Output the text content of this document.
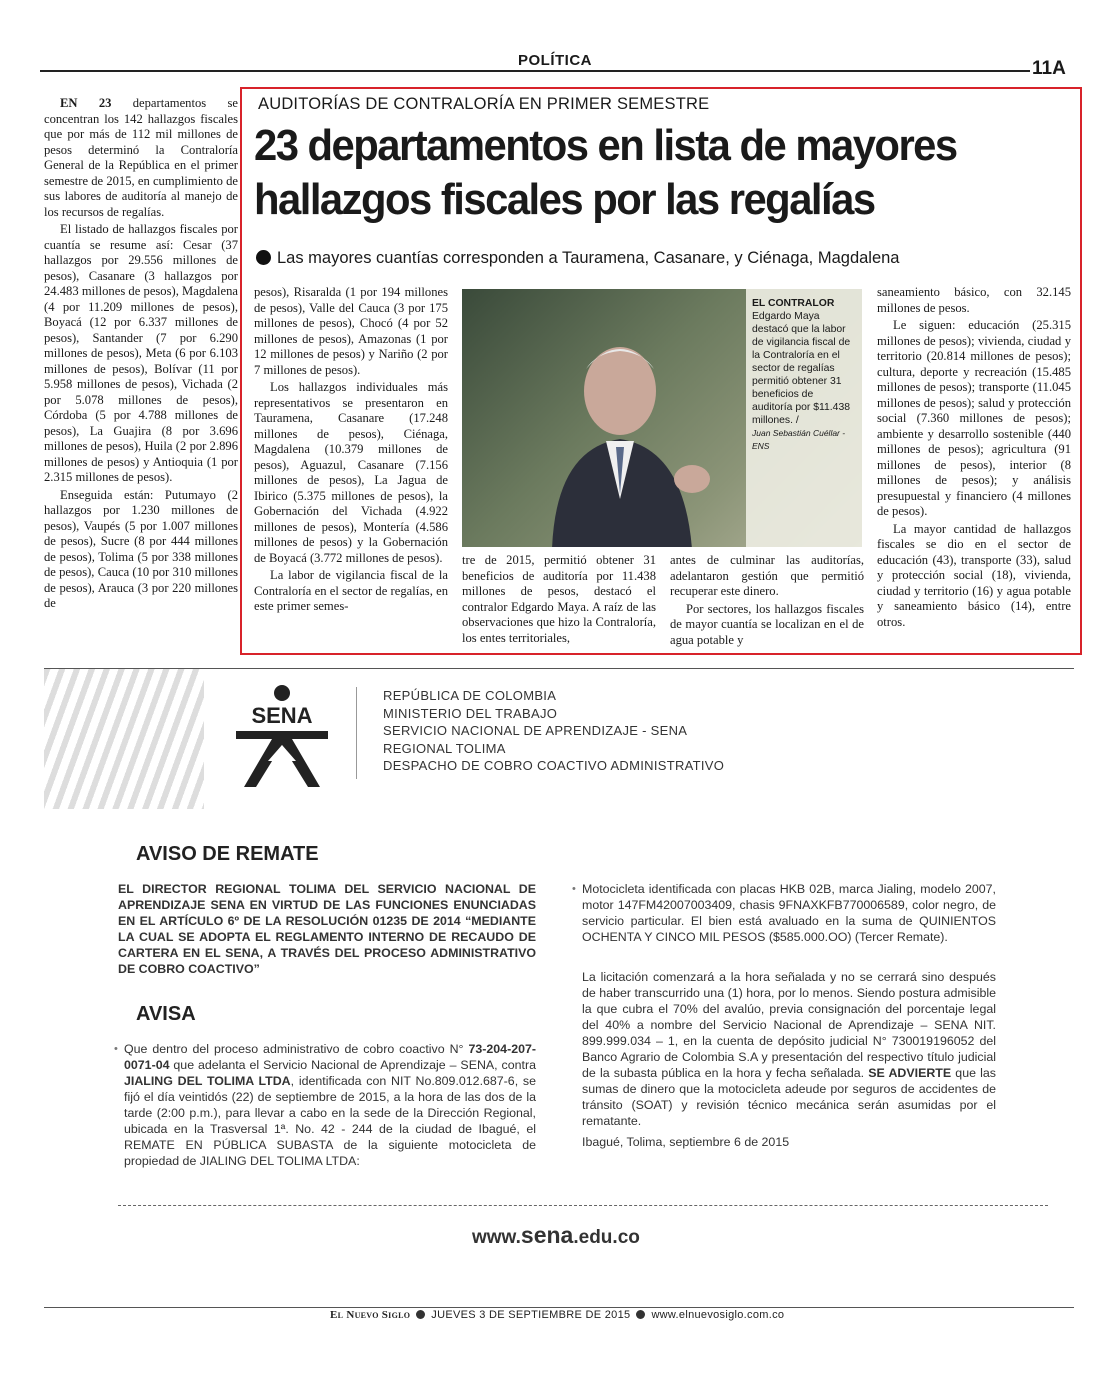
POLÍTICA	11A

EN 23 departamentos se concentran los 142 hallazgos fiscales que por más de 112 mil millones de pesos determinó la Contraloría General de la República en el primer semestre de 2015, en cumplimiento de sus labores de auditoría al manejo de los recursos de regalías.

El listado de hallazgos fiscales por cuantía se resume así: Cesar (37 hallazgos por 29.556 millones de pesos), Casanare (3 hallazgos por 24.483 millones de pesos), Magdalena (4 por 11.209 millones de pesos), Boyacá (12 por 6.337 millones de pesos), Santander (7 por 6.290 millones de pesos), Meta (6 por 6.103 millones de pesos), Bolívar (11 por 5.958 millones de pesos), Vichada (2 por 5.078 millones de pesos), Córdoba (5 por 4.788 millones de pesos), La Guajira (8 por 3.696 millones de pesos), Huila (2 por 2.896 millones de pesos) y Antioquia (1 por 2.315 millones de pesos).

Enseguida están: Putumayo (2 hallazgos por 1.230 millones de pesos), Vaupés (5 por 1.007 millones de pesos), Sucre (8 por 444 millones de pesos), Tolima (5 por 338 millones de pesos), Cauca (10 por 310 millones de pesos), Arauca (3 por 220 millones de

AUDITORÍAS DE CONTRALORÍA EN PRIMER SEMESTRE
23 departamentos en lista de mayores
hallazgos fiscales por las regalías
Las mayores cuantías corresponden a Tauramena, Casanare, y Ciénaga, Magdalena

pesos), Risaralda (1 por 194 millones de pesos), Valle del Cauca (3 por 175 millones de pesos), Chocó (4 por 52 millones de pesos), Amazonas (1 por 12 millones de pesos) y Nariño (2 por 7 millones de pesos).

Los hallazgos individuales más representativos se presentaron en Tauramena, Casanare (17.248 millones de pesos), Ciénaga, Magdalena (10.379 millones de pesos), Aguazul, Casanare (7.156 millones de pesos), La Jagua de Ibirico (5.375 millones de pesos), la Gobernación del Vichada (4.922 millones de pesos), Montería (4.586 millones de pesos) y la Gobernación de Boyacá (3.772 millones de pesos).

La labor de vigilancia fiscal de la Contraloría en el sector de regalías, en este primer semes-

EL CONTRALOR
Edgardo Maya destacó que la labor de vigilancia fiscal de la Contraloría en el sector de regalías permitió obtener 31 beneficios de auditoría por $11.438 millones. /
Juan Sebastián Cuéllar - ENS

tre de 2015, permitió obtener 31 beneficios de auditoría por 11.438 millones de pesos, destacó el contralor Edgardo Maya. A raíz de las observaciones que hizo la Contraloría, los entes territoriales,

antes de culminar las auditorías, adelantaron gestión que permitió recuperar este dinero.

Por sectores, los hallazgos fiscales de mayor cuantía se localizan en el de agua potable y

saneamiento básico, con 32.145 millones de pesos.

Le siguen: educación (25.315 millones de pesos); vivienda, ciudad y territorio (20.814 millones de pesos); cultura, deporte y recreación (15.485 millones de pesos); transporte (11.045 millones de pesos); salud y protección social (7.360 millones de pesos); ambiente y desarrollo sostenible (440 millones de pesos); agricultura (91 millones de pesos), interior (8 millones de pesos); y análisis presupuestal y financiero (4 millones de pesos).

La mayor cantidad de hallazgos fiscales se dio en el sector de educación (43), transporte (33), salud y protección social (18), vivienda, ciudad y territorio (16) y agua potable y saneamiento básico (14), entre otros.

SENA
REPÚBLICA DE COLOMBIA
MINISTERIO DEL TRABAJO
SERVICIO NACIONAL DE APRENDIZAJE - SENA
REGIONAL TOLIMA
DESPACHO DE COBRO COACTIVO ADMINISTRATIVO
AVISO DE REMATE
EL DIRECTOR REGIONAL TOLIMA DEL SERVICIO NACIONAL DE APRENDIZAJE SENA EN VIRTUD DE LAS FUNCIONES ENUNCIADAS EN EL ARTÍCULO 6º DE LA RESOLUCIÓN 01235 DE 2014 “MEDIANTE LA CUAL SE ADOPTA EL REGLAMENTO INTERNO DE RECAUDO DE CARTERA EN EL SENA, A TRAVÉS DEL PROCESO ADMINISTRATIVO DE COBRO COACTIVO”
AVISA
• Que dentro del proceso administrativo de cobro coactivo N° 73-204-207-0071-04 que adelanta el Servicio Nacional de Aprendizaje – SENA, contra JIALING DEL TOLIMA LTDA, identificada con NIT No.809.012.687-6, se fijó el día veintidós (22) de septiembre de 2015, a la hora de las dos de la tarde (2:00 p.m.), para llevar a cabo en la sede de la Dirección Regional, ubicada en la Trasversal 1ª. No. 42 - 244 de la ciudad de Ibagué, el REMATE EN PÚBLICA SUBASTA de la siguiente motocicleta de propiedad de JIALING DEL TOLIMA LTDA:
• Motocicleta identificada con placas HKB 02B, marca Jialing, modelo 2007, motor 147FM42007003409, chasis 9FNAXKFB770006589, color negro, de servicio particular. El bien está avaluado en la suma de QUINIENTOS OCHENTA Y CINCO MIL PESOS ($585.000.OO) (Tercer Remate).
La licitación comenzará a la hora señalada y no se cerrará sino después de haber transcurrido una (1) hora, por lo menos. Siendo postura admisible la que cubra el 70% del avalúo, previa consignación del porcentaje legal del 40% a nombre del Servicio Nacional de Aprendizaje – SENA NIT. 899.999.034 – 1, en la cuenta de depósito judicial N° 730019196052 del Banco Agrario de Colombia S.A y presentación del respectivo título judicial de la subasta pública en la hora y fecha señalada. SE ADVIERTE que las sumas de dinero que la motocicleta adeude por seguros de accidentes de tránsito (SOAT) y revisión técnico mecánica serán asumidas por el rematante.
Ibagué, Tolima, septiembre 6 de 2015
www.sena.edu.co
El Nuevo Siglo JUEVES 3 DE SEPTIEMBRE DE 2015 www.elnuevosiglo.com.co
